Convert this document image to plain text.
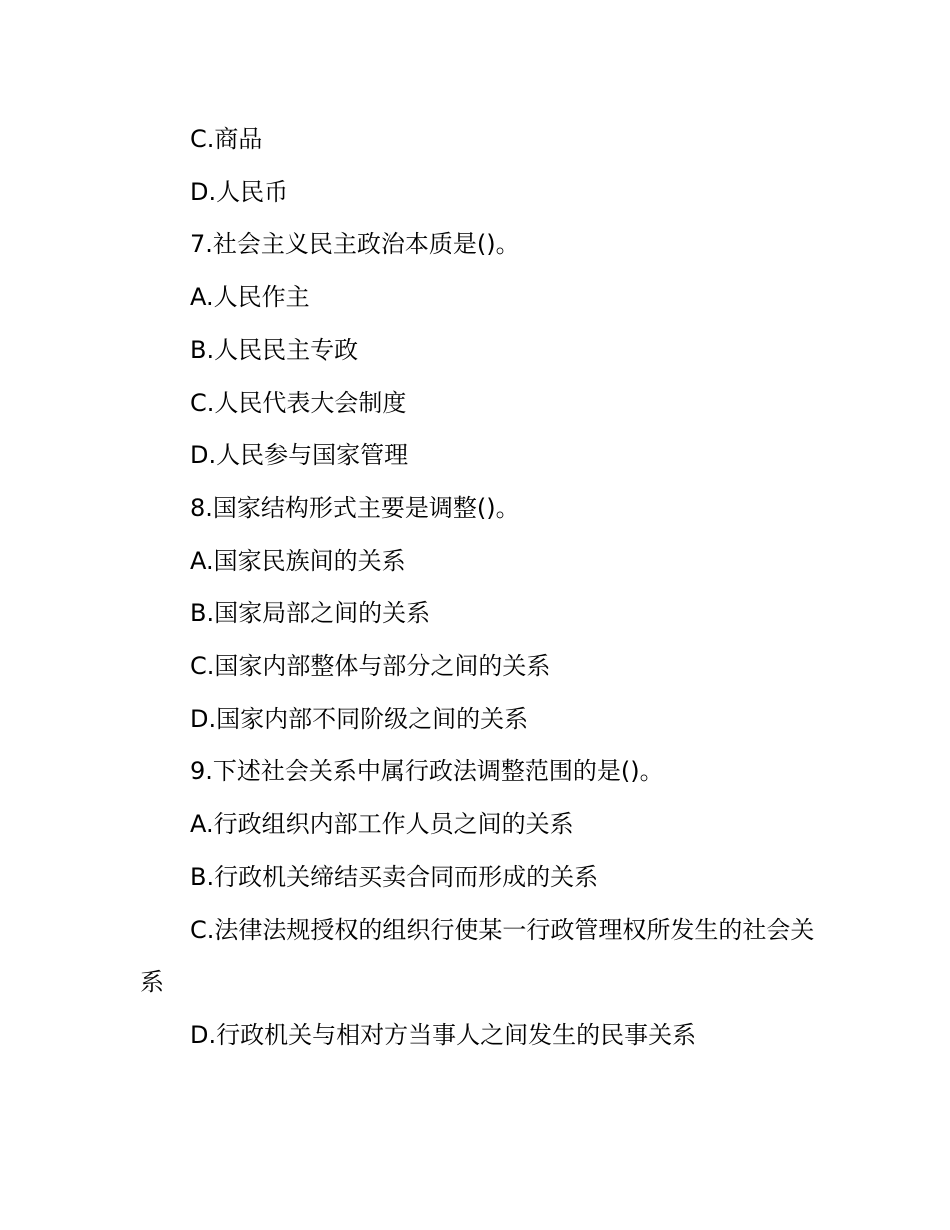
C.商品

D.人民币

7.社会主义民主政治本质是()。

A.人民作主

B.人民民主专政

C.人民代表大会制度

D.人民参与国家管理

8.国家结构形式主要是调整()。

A.国家民族间的关系

B.国家局部之间的关系

C.国家内部整体与部分之间的关系

D.国家内部不同阶级之间的关系

9.下述社会关系中属行政法调整范围的是()。

A.行政组织内部工作人员之间的关系

B.行政机关缔结买卖合同而形成的关系

C.法律法规授权的组织行使某一行政管理权所发生的社会关系

D.行政机关与相对方当事人之间发生的民事关系
